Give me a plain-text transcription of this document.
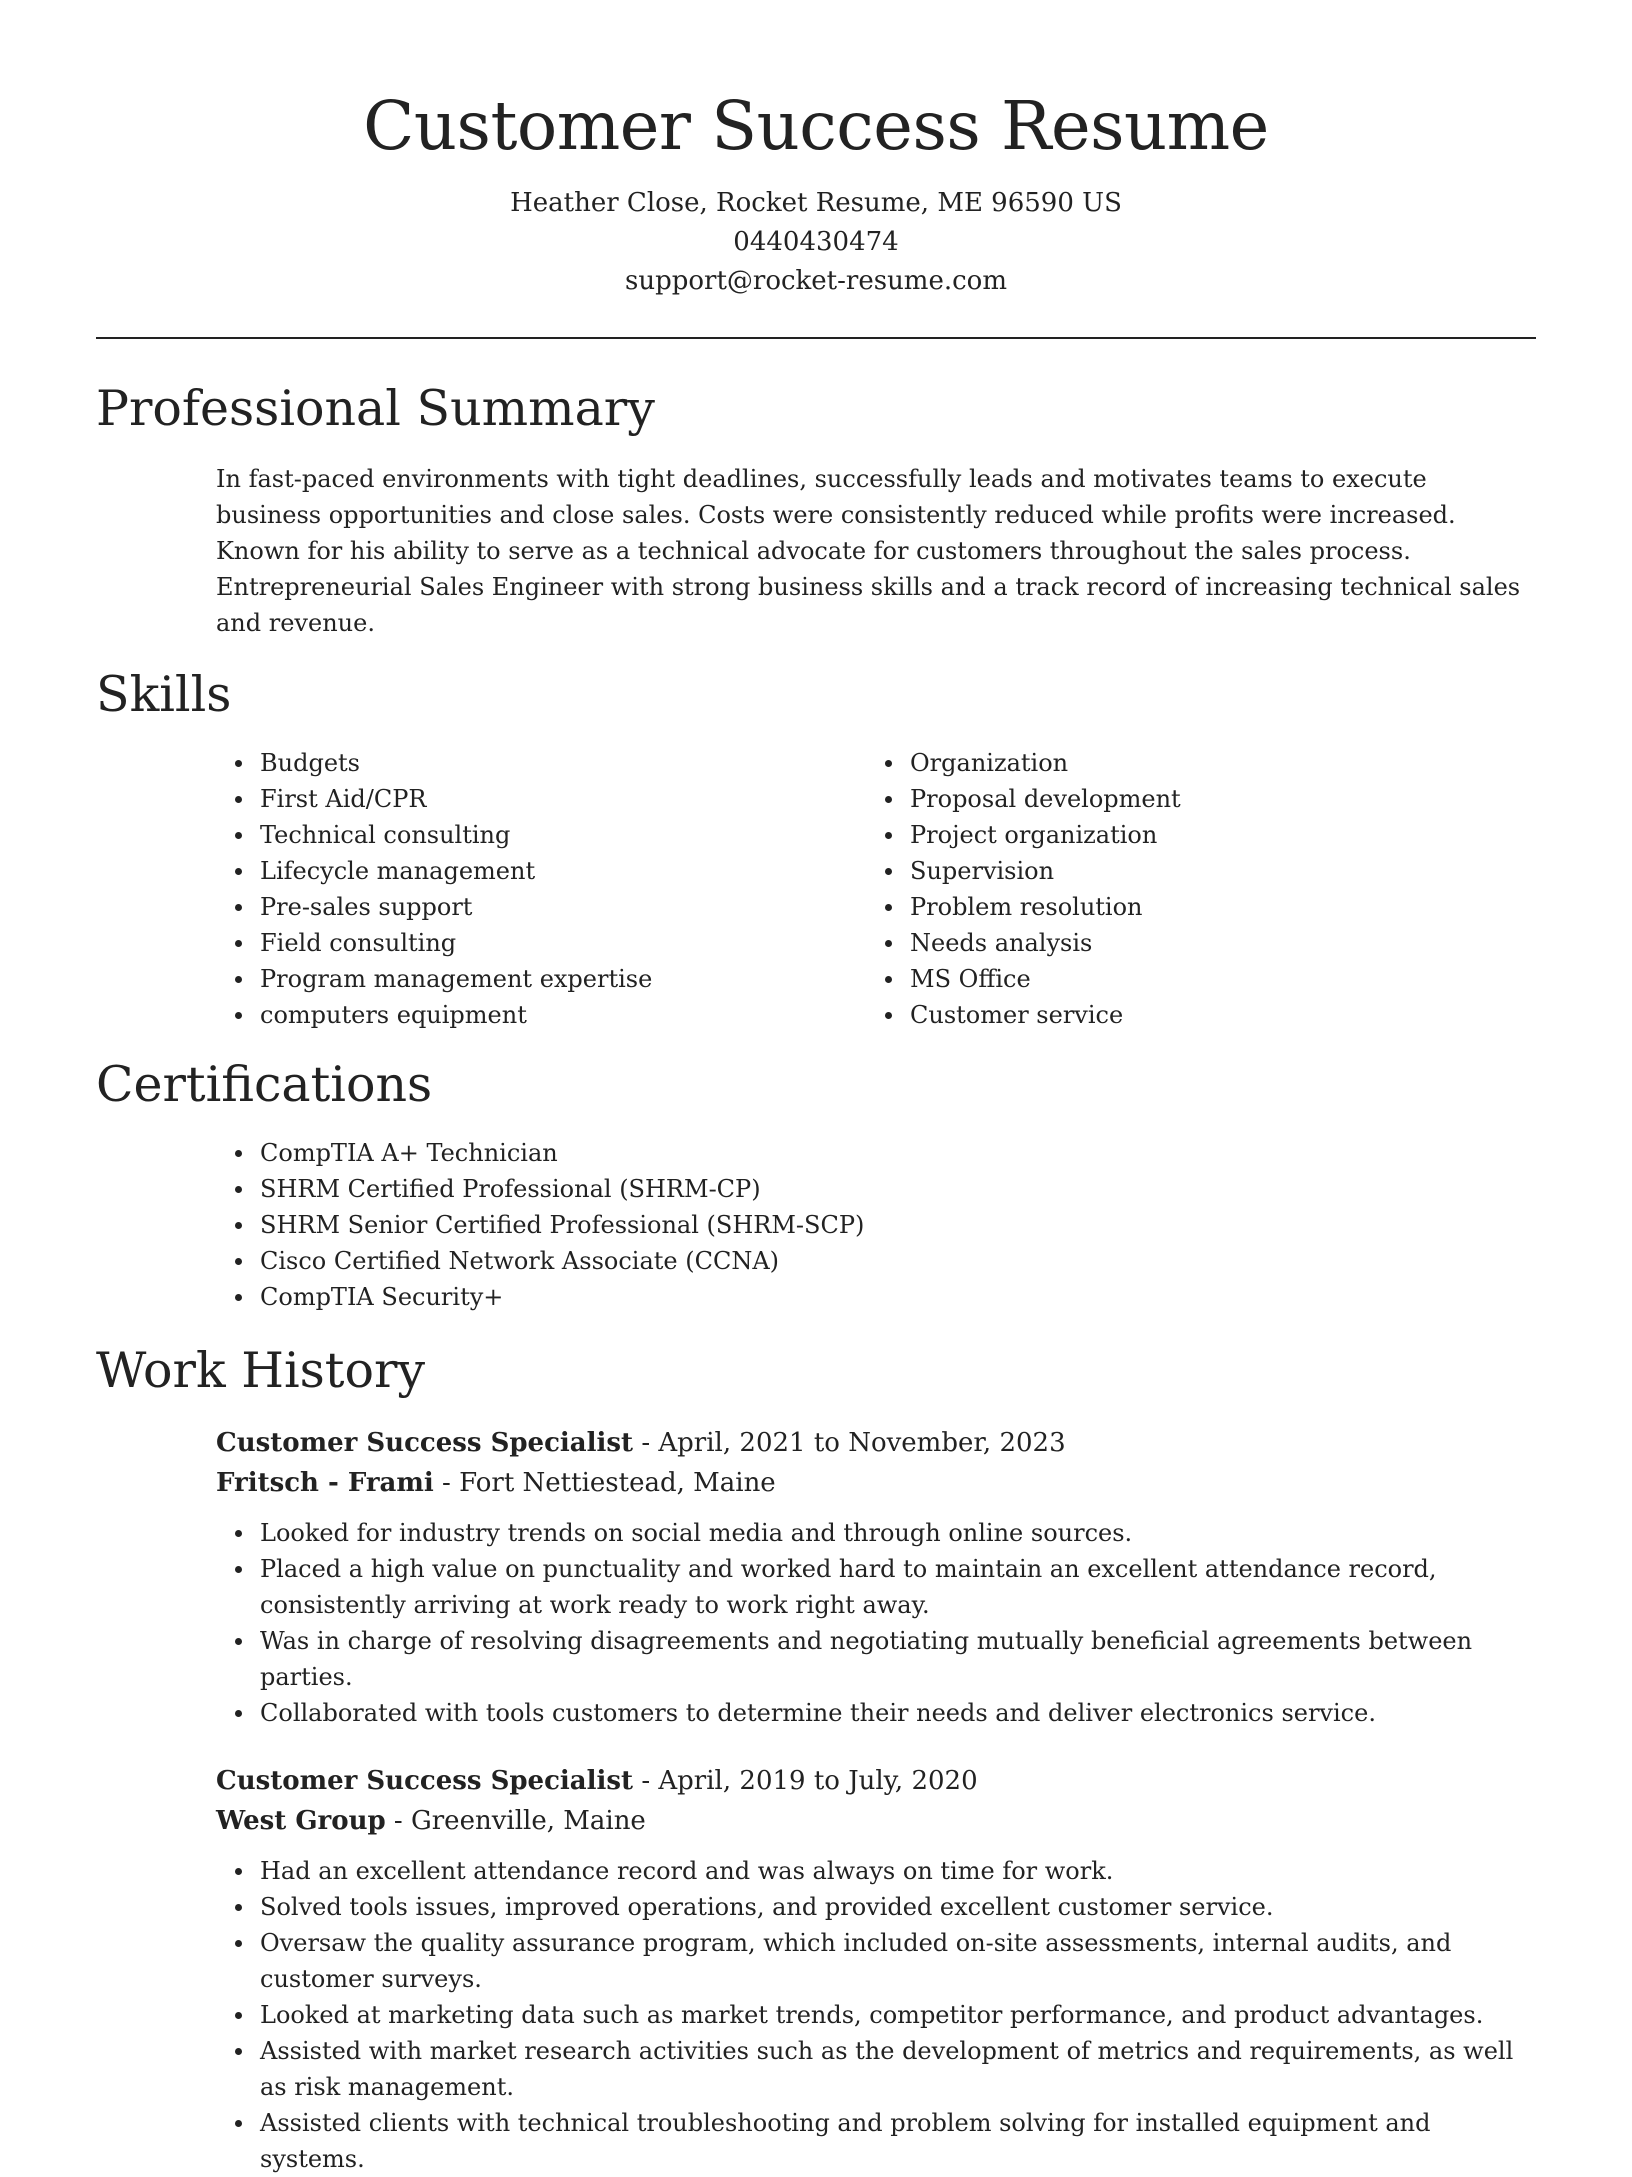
Customer Success Resume

Heather Close, Rocket Resume, ME 96590 US

0440430474

support@rocket-resume.com

Professional Summary

In fast-paced environments with tight deadlines, successfully leads and motivates teams to execute business opportunities and close sales. Costs were consistently reduced while profits were increased. Known for his ability to serve as a technical advocate for customers throughout the sales process. Entrepreneurial Sales Engineer with strong business skills and a track record of increasing technical sales and revenue.

Skills
Budgets
First Aid/CPR
Technical consulting
Lifecycle management
Pre-sales support
Field consulting
Program management expertise
computers equipment
Organization
Proposal development
Project organization
Supervision
Problem resolution
Needs analysis
MS Office
Customer service
Certifications
CompTIA A+ Technician
SHRM Certified Professional (SHRM-CP)
SHRM Senior Certified Professional (SHRM-SCP)
Cisco Certified Network Associate (CCNA)
CompTIA Security+
Work History
Customer Success Specialist - April, 2021 to November, 2023
Fritsch - Frami - Fort Nettiestead, Maine
Looked for industry trends on social media and through online sources.
Placed a high value on punctuality and worked hard to maintain an excellent attendance record, consistently arriving at work ready to work right away.
Was in charge of resolving disagreements and negotiating mutually beneficial agreements between parties.
Collaborated with tools customers to determine their needs and deliver electronics service.
Customer Success Specialist - April, 2019 to July, 2020
West Group - Greenville, Maine
Had an excellent attendance record and was always on time for work.
Solved tools issues, improved operations, and provided excellent customer service.
Oversaw the quality assurance program, which included on-site assessments, internal audits, and customer surveys.
Looked at marketing data such as market trends, competitor performance, and product advantages.
Assisted with market research activities such as the development of metrics and requirements, as well as risk management.
Assisted clients with technical troubleshooting and problem solving for installed equipment and systems.
